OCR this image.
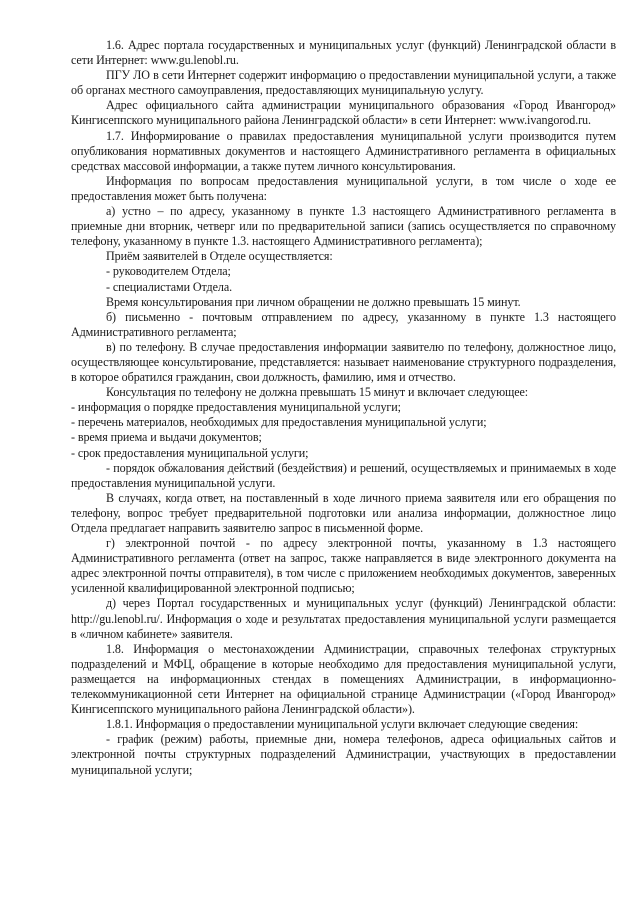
1.6. Адрес портала государственных и муниципальных услуг (функций) Ленинградской области в сети Интернет: www.gu.lenobl.ru.

ПГУ ЛО в сети Интернет содержит информацию о предоставлении муниципальной услуги, а также об органах местного самоуправления, предоставляющих муниципальную услугу.

Адрес официального сайта администрации муниципального образования «Город Ивангород» Кингисеппского муниципального района Ленинградской области» в сети Интернет: www.ivangorod.ru.

1.7. Информирование о правилах предоставления муниципальной услуги производится путем опубликования нормативных документов и настоящего Административного регламента в официальных средствах массовой информации, а также путем личного консультирования.

Информация по вопросам предоставления муниципальной услуги, в том числе о ходе ее предоставления может быть получена:

а) устно – по адресу, указанному в пункте 1.3 настоящего Административного регламента в приемные дни вторник, четверг или по предварительной записи (запись осуществляется по справочному телефону, указанному в пункте 1.3. настоящего Административного регламента);

Приём заявителей в Отделе осуществляется:

- руководителем Отдела;

- специалистами Отдела.

Время консультирования при личном обращении не должно превышать 15 минут.

б) письменно - почтовым отправлением по адресу, указанному в пункте 1.3 настоящего Административного регламента;

в) по телефону. В случае предоставления информации заявителю по телефону, должностное лицо, осуществляющее консультирование, представляется: называет наименование структурного подразделения, в которое обратился гражданин, свои должность, фамилию, имя и отчество.

Консультация по телефону не должна превышать 15 минут и включает следующее:

- информация о порядке предоставления муниципальной услуги;

- перечень материалов, необходимых для предоставления муниципальной услуги;

- время приема и выдачи документов;

- срок предоставления муниципальной услуги;

- порядок обжалования действий (бездействия) и решений, осуществляемых и принимаемых в ходе предоставления муниципальной услуги.

В случаях, когда ответ, на поставленный в ходе личного приема заявителя или его обращения по телефону, вопрос требует предварительной подготовки или анализа информации, должностное лицо Отдела предлагает направить заявителю запрос в письменной форме.

г) электронной почтой - по адресу электронной почты, указанному в 1.3 настоящего Административного регламента (ответ на запрос, также направляется в виде электронного документа на адрес электронной почты отправителя), в том числе с приложением необходимых документов, заверенных усиленной квалифицированной электронной подписью;

д) через Портал государственных и муниципальных услуг (функций) Ленинградской области: http://gu.lenobl.ru/. Информация о ходе и результатах предоставления муниципальной услуги размещается в «личном кабинете» заявителя.

1.8. Информация о местонахождении Администрации, справочных телефонах структурных подразделений и МФЦ, обращение в которые необходимо для предоставления муниципальной услуги, размещается на информационных стендах в помещениях Администрации, в информационно-телекоммуникационной сети Интернет на официальной странице Администрации («Город Ивангород» Кингисеппского муниципального района Ленинградской области»).

1.8.1. Информация о предоставлении муниципальной услуги включает следующие сведения:

- график (режим) работы, приемные дни, номера телефонов, адреса официальных сайтов и электронной почты структурных подразделений Администрации, участвующих в предоставлении муниципальной услуги;
